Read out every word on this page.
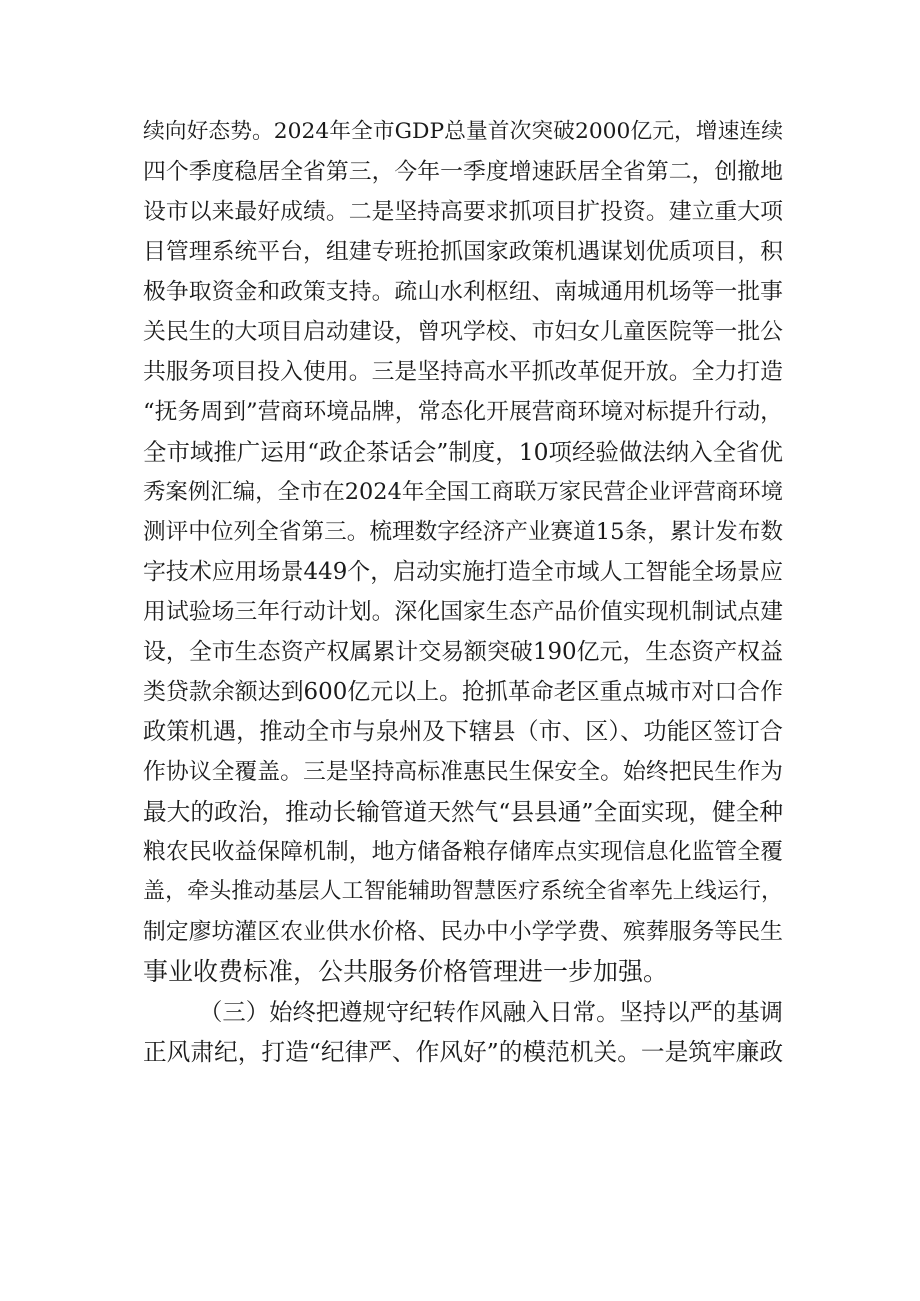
续向好态势。2024年全市GDP总量首次突破2000亿元，增速连续
四个季度稳居全省第三，今年一季度增速跃居全省第二，创撤地
设市以来最好成绩。二是坚持高要求抓项目扩投资。建立重大项
目管理系统平台，组建专班抢抓国家政策机遇谋划优质项目，积
极争取资金和政策支持。疏山水利枢纽、南城通用机场等一批事
关民生的大项目启动建设，曾巩学校、市妇女儿童医院等一批公
共服务项目投入使用。三是坚持高水平抓改革促开放。全力打造
“抚务周到”营商环境品牌，常态化开展营商环境对标提升行动，
全市域推广运用“政企茶话会”制度，10项经验做法纳入全省优
秀案例汇编，全市在2024年全国工商联万家民营企业评营商环境
测评中位列全省第三。梳理数字经济产业赛道15条，累计发布数
字技术应用场景449个，启动实施打造全市域人工智能全场景应
用试验场三年行动计划。深化国家生态产品价值实现机制试点建
设，全市生态资产权属累计交易额突破190亿元，生态资产权益
类贷款余额达到600亿元以上。抢抓革命老区重点城市对口合作
政策机遇，推动全市与泉州及下辖县（市、区）、功能区签订合
作协议全覆盖。三是坚持高标准惠民生保安全。始终把民生作为
最大的政治，推动长输管道天然气“县县通”全面实现，健全种
粮农民收益保障机制，地方储备粮存储库点实现信息化监管全覆
盖，牵头推动基层人工智能辅助智慧医疗系统全省率先上线运行，
制定廖坊灌区农业供水价格、民办中小学学费、殡葬服务等民生
事业收费标准，公共服务价格管理进一步加强。
（三）始终把遵规守纪转作风融入日常。坚持以严的基调
正风肃纪，打造“纪律严、作风好”的模范机关。一是筑牢廉政
